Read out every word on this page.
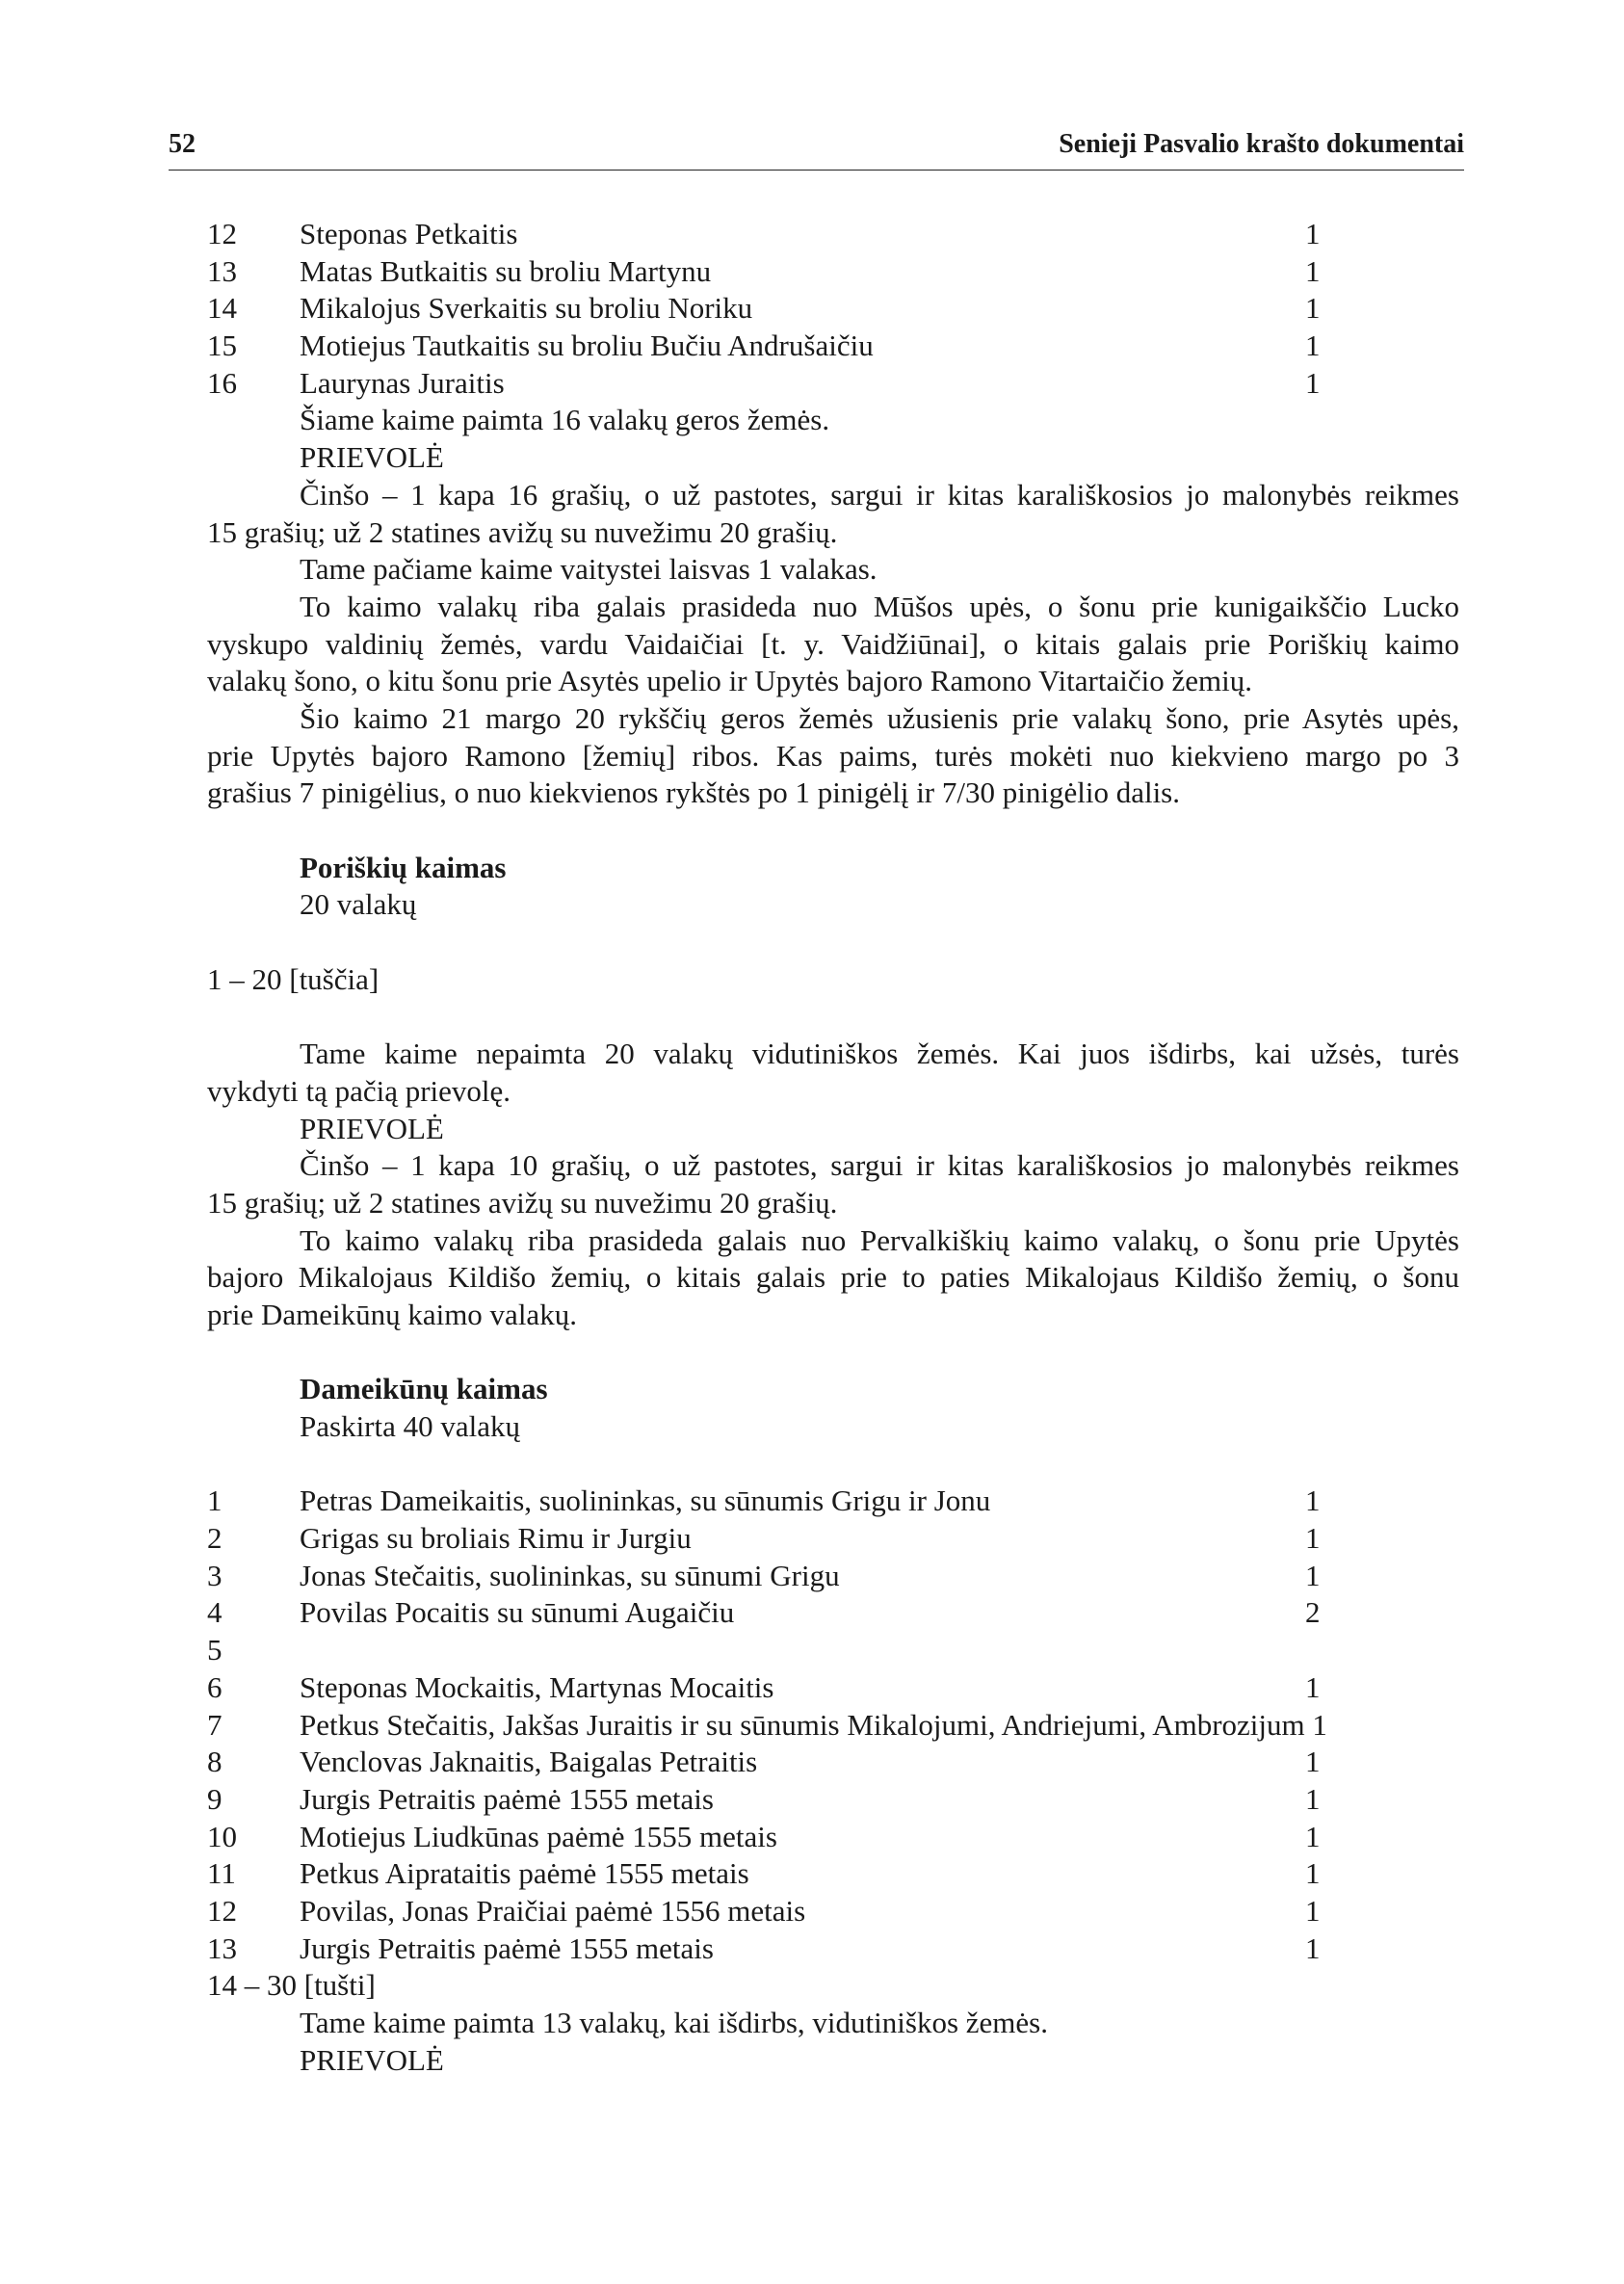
52	Senieji Pasvalio krašto dokumentai
12 Steponas Petkaitis	1
13 Matas Butkaitis su broliu Martynu	1
14 Mikalojus Sverkaitis su broliu Noriku	1
15 Motiejus Tautkaitis su broliu Bučiu Andrušaičiu	1
16 Laurynas Juraitis	1
Šiame kaime paimta 16 valakų geros žemės.
PRIEVOLĖ
Činšo – 1 kapa 16 grašių, o už pastotes, sargui ir kitas karališkosios jo malonybės reikmes
15 grašių; už 2 statines avižų su nuvežimu 20 grašių.
Tame pačiame kaime vaitystei laisvas 1 valakas.
To kaimo valakų riba galais prasideda nuo Mūšos upės, o šonu prie kunigaikščio Lucko
vyskupo valdinių žemės, vardu Vaidaičiai [t. y. Vaidžiūnai], o kitais galais prie Poriškių kaimo
valakų šono, o kitu šonu prie Asytės upelio ir Upytės bajoro Ramono Vitartaičio žemių.
Šio kaimo 21 margo 20 rykščių geros žemės užusienis prie valakų šono, prie Asytės upės,
prie Upytės bajoro Ramono [žemių] ribos. Kas paims, turės mokėti nuo kiekvieno margo po 3
grašius 7 pinigėlius, o nuo kiekvienos rykštės po 1 pinigėlį ir 7/30 pinigėlio dalis.
Poriškių kaimas
20 valakų
1 – 20 [tuščia]
Tame kaime nepaimta 20 valakų vidutiniškos žemės. Kai juos išdirbs, kai užsės, turės
vykdyti tą pačią prievolę.
PRIEVOLĖ
Činšo – 1 kapa 10 grašių, o už pastotes, sargui ir kitas karališkosios jo malonybės reikmes
15 grašių; už 2 statines avižų su nuvežimu 20 grašių.
To kaimo valakų riba prasideda galais nuo Pervalkiškių kaimo valakų, o šonu prie Upytės
bajoro Mikalojaus Kildišo žemių, o kitais galais prie to paties Mikalojaus Kildišo žemių, o šonu
prie Dameikūnų kaimo valakų.
Dameikūnų kaimas
Paskirta 40 valakų
1	Petras Dameikaitis, suolininkas, su sūnumis Grigu ir Jonu	1
2	Grigas su broliais Rimu ir Jurgiu	1
3	Jonas Stečaitis, suolininkas, su sūnumi Grigu	1
4	Povilas Pocaitis su sūnumi Augaičiu	2
5
6	Steponas Mockaitis, Martynas Mocaitis	1
7	Petkus Stečaitis, Jakšas Juraitis ir su sūnumis Mikalojumi, Andriejumi, Ambrozijum 1
8	Venclovas Jaknaitis, Baigalas Petraitis	1
9	Jurgis Petraitis paėmė 1555 metais	1
10 Motiejus Liudkūnas paėmė 1555 metais	1
11 Petkus Aiprataitis paėmė 1555 metais	1
12 Povilas, Jonas Praičiai paėmė 1556 metais	1
13 Jurgis Petraitis paėmė 1555 metais	1
14 – 30 [tušti]
Tame kaime paimta 13 valakų, kai išdirbs, vidutiniškos žemės.
PRIEVOLĖ
